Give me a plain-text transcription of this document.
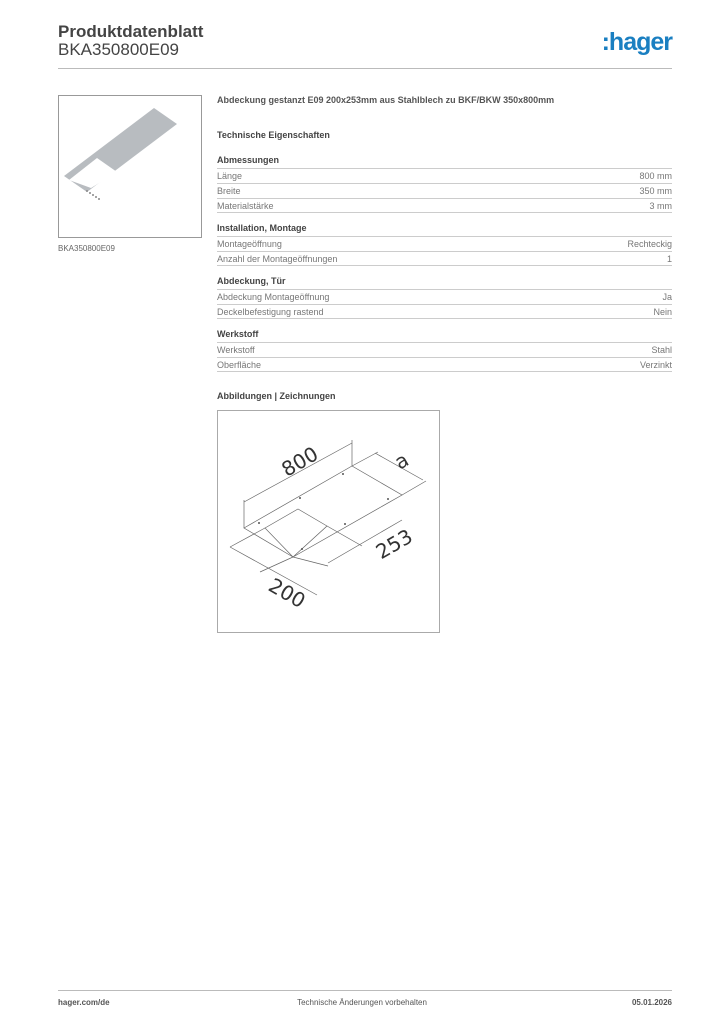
Produktdatenblatt
BKA350800E09	:hager
BKA350800E09
Abdeckung gestanzt E09 200x253mm aus Stahlblech zu BKF/BKW 350x800mm
Technische Eigenschaften
Abmessungen
Länge	800 mm
Breite	350 mm
Materialstärke	3 mm
Installation, Montage
Montageöffnung	Rechteckig
Anzahl der Montageöffnungen	1
Abdeckung, Tür
Abdeckung Montageöffnung	Ja
Deckelbefestigung rastend	Nein
Werkstoff
Werkstoff	Stahl
Oberfläche	Verzinkt
Abbildungen | Zeichnungen
800	a
253
200
hager.com/de	Technische Änderungen vorbehalten	05.01.2026
